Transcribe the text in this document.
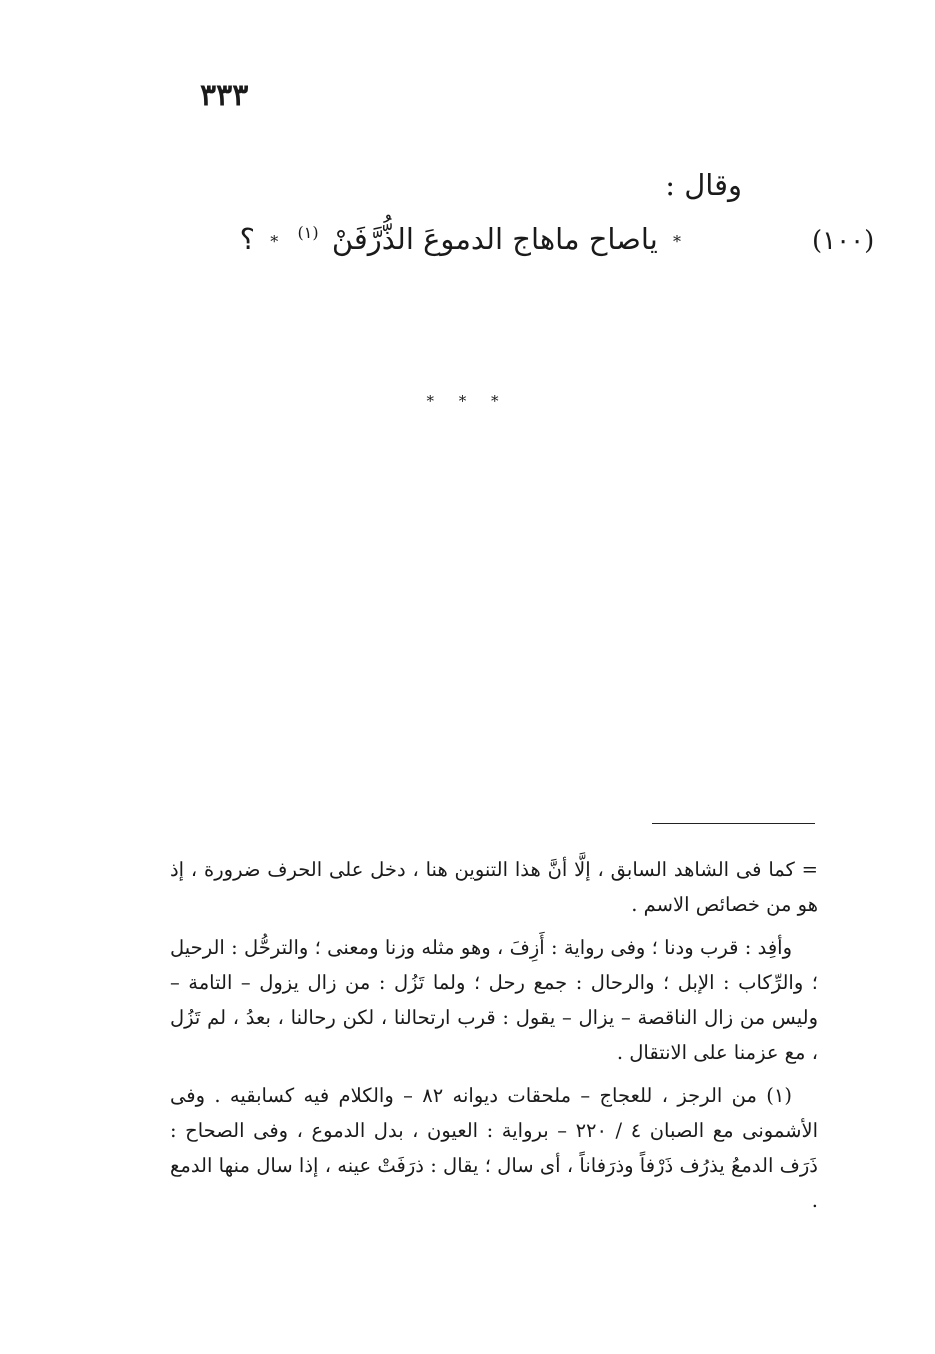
٣٣٣
وقال :
(١٠٠)
* ياصاح ماهاج الدموعَ الذُّرَّفَنْ $^{(١)}$ * ؟
* * *

= كما فى الشاهد السابق ، إلَّا أنَّ هذا التنوين هنا ، دخل على الحرف ضرورة ، إذ هو من خصائص الاسم .

وأفِد : قرب ودنا ؛ وفى رواية : أَزِفَ ، وهو مثله وزنا ومعنى ؛ والترحُّل : الرحيل ؛ والرِّكاب : الإبل ؛ والرحال : جمع رحل ؛ ولما تَزُل : من زال يزول – التامة – وليس من زال الناقصة – يزال – يقول : قرب ارتحالنا ، لكن رحالنا ، بعدُ ، لم تَزُل ، مع عزمنا على الانتقال .

(١) من الرجز ، للعجاج – ملحقات ديوانه ٨٢ – والكلام فيه كسابقيه . وفى الأشمونى مع الصبان ٤ / ٢٢٠ – برواية : العيون ، بدل الدموع ، وفى الصحاح : ذَرَف الدمعُ يذرُف ذَرْفاً وذرَفاناً ، أى سال ؛ يقال : ذرَفَتْ عينه ، إذا سال منها الدمع .
